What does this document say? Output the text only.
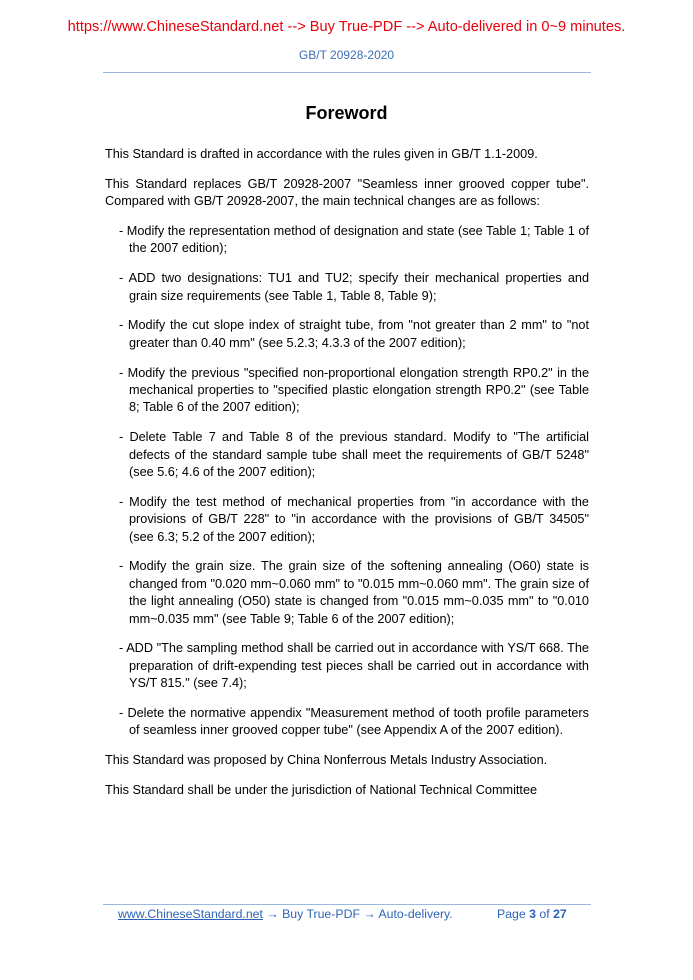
https://www.ChineseStandard.net --> Buy True-PDF --> Auto-delivered in 0~9 minutes.
GB/T 20928-2020
Foreword

This Standard is drafted in accordance with the rules given in GB/T 1.1-2009.

This Standard replaces GB/T 20928-2007 "Seamless inner grooved copper tube". Compared with GB/T 20928-2007, the main technical changes are as follows:

- Modify the representation method of designation and state (see Table 1; Table 1 of the 2007 edition);

- ADD two designations: TU1 and TU2; specify their mechanical properties and grain size requirements (see Table 1, Table 8, Table 9);

- Modify the cut slope index of straight tube, from "not greater than 2 mm" to "not greater than 0.40 mm" (see 5.2.3; 4.3.3 of the 2007 edition);

- Modify the previous "specified non-proportional elongation strength RP0.2" in the mechanical properties to "specified plastic elongation strength RP0.2" (see Table 8; Table 6 of the 2007 edition);

- Delete Table 7 and Table 8 of the previous standard. Modify to "The artificial defects of the standard sample tube shall meet the requirements of GB/T 5248" (see 5.6; 4.6 of the 2007 edition);

- Modify the test method of mechanical properties from "in accordance with the provisions of GB/T 228" to "in accordance with the provisions of GB/T 34505" (see 6.3; 5.2 of the 2007 edition);

- Modify the grain size. The grain size of the softening annealing (O60) state is changed from "0.020 mm~0.060 mm" to "0.015 mm~0.060 mm". The grain size of the light annealing (O50) state is changed from "0.015 mm~0.035 mm" to "0.010 mm~0.035 mm" (see Table 9; Table 6 of the 2007 edition);

- ADD "The sampling method shall be carried out in accordance with YS/T 668. The preparation of drift-expending test pieces shall be carried out in accordance with YS/T 815." (see 7.4);

- Delete the normative appendix "Measurement method of tooth profile parameters of seamless inner grooved copper tube" (see Appendix A of the 2007 edition).

This Standard was proposed by China Nonferrous Metals Industry Association.

This Standard shall be under the jurisdiction of National Technical Committee

www.ChineseStandard.net → Buy True-PDF → Auto-delivery.	Page 3 of 27
